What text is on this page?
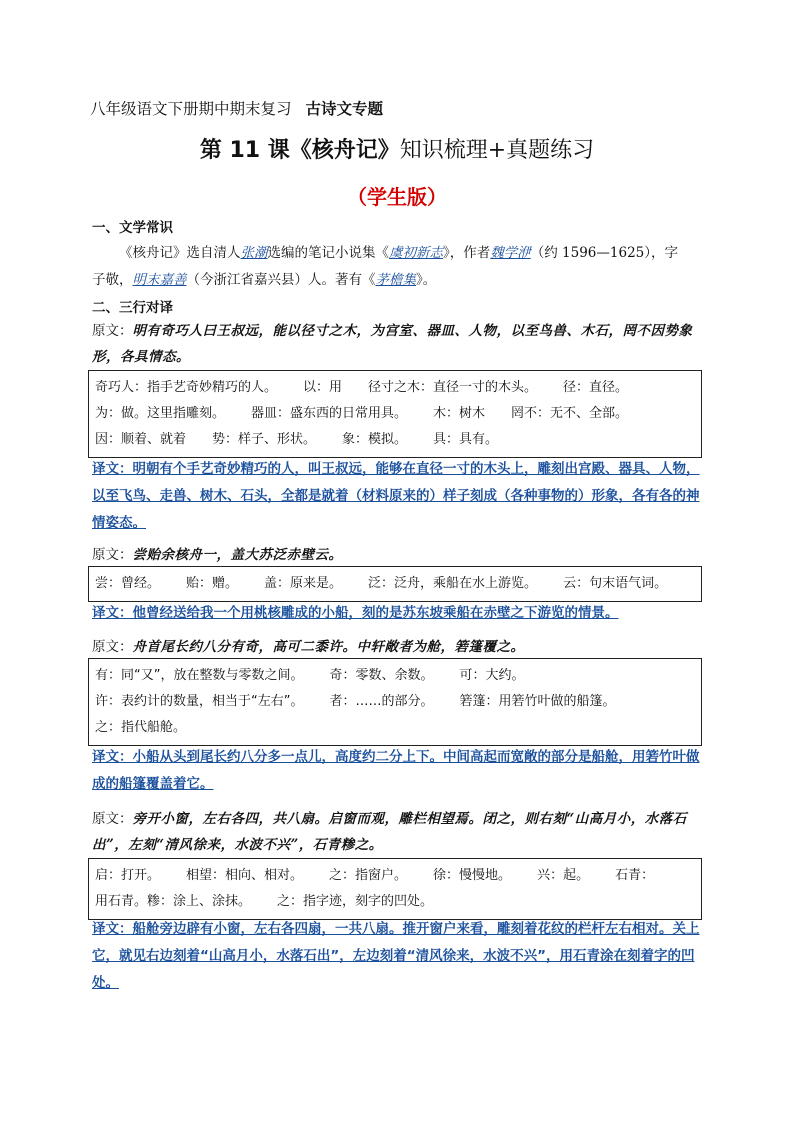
八年级语文下册期中期末复习 古诗文专题
第 11 课《核舟记》知识梳理+真题练习
（学生版）
一、文学常识
《核舟记》选自清人张潮选编的笔记小说集《虞初新志》，作者魏学洢（约 1596—1625），字
子敬，明末嘉善（今浙江省嘉兴县）人。著有《茅檐集》。
二、三行对译
原文：明有奇巧人曰王叔远，能以径寸之木，为宫室、器皿、人物，以至鸟兽、木石，罔不因势象
形，各具情态。
奇巧人：指手艺奇妙精巧的人。 以：用 径寸之木：直径一寸的木头。 径：直径。
为：做。这里指雕刻。 器皿：盛东西的日常用具。 木：树木 罔不：无不、全部。
因：顺着、就着 势：样子、形状。 象：模拟。 具：具有。
译文：明朝有个手艺奇妙精巧的人，叫王叔远，能够在直径一寸的木头上，雕刻出宫殿、器具、人物，以至飞鸟、走兽、树木、石头，全都是就着（材料原来的）样子刻成（各种事物的）形象，各有各的神情姿态。
原文：尝贻余核舟一，盖大苏泛赤壁云。
尝：曾经。 贻：赠。 盖：原来是。 泛：泛舟，乘船在水上游览。 云：句末语气词。
译文：他曾经送给我一个用桃核雕成的小船，刻的是苏东坡乘船在赤壁之下游览的情景。
原文：舟首尾长约八分有奇，高可二黍许。中轩敞者为舱，箬篷覆之。
有：同“又”，放在整数与零数之间。 奇：零数、余数。 可：大约。
许：表约计的数量，相当于“左右”。 者：……的部分。 箬篷：用箬竹叶做的船篷。
之：指代船舱。
译文：小船从头到尾长约八分多一点儿，高度约二分上下。中间高起而宽敞的部分是船舱，用箬竹叶做成的船篷覆盖着它。
原文：旁开小窗，左右各四，共八扇。启窗而观，雕栏相望焉。闭之，则右刻“山高月小，水落石
出”，左刻“清风徐来，水波不兴”，石青糁之。
启：打开。 相望：相向、相对。 之：指窗户。 徐：慢慢地。 兴：起。 石青：
用石青。糁：涂上、涂抹。 之：指字迹，刻字的凹处。
译文：船舱旁边辟有小窗，左右各四扇，一共八扇。推开窗户来看，雕刻着花纹的栏杆左右相对。关上它，就见右边刻着“山高月小，水落石出”，左边刻着“清风徐来，水波不兴”，用石青涂在刻着字的凹处。
